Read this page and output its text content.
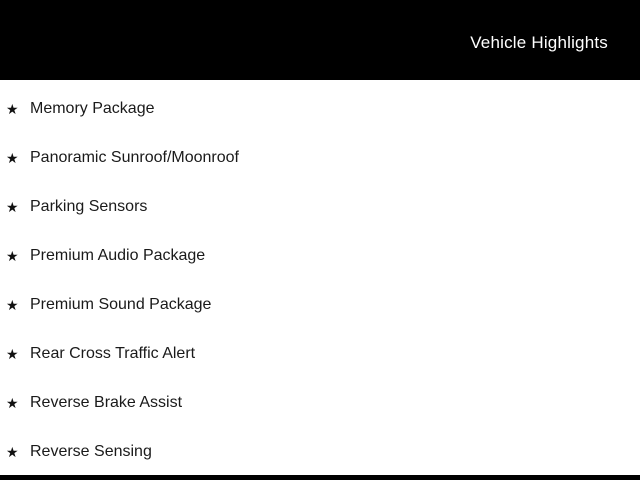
Vehicle Highlights
★ Memory Package
★ Panoramic Sunroof/Moonroof
★ Parking Sensors
★ Premium Audio Package
★ Premium Sound Package
★ Rear Cross Traffic Alert
★ Reverse Brake Assist
★ Reverse Sensing
